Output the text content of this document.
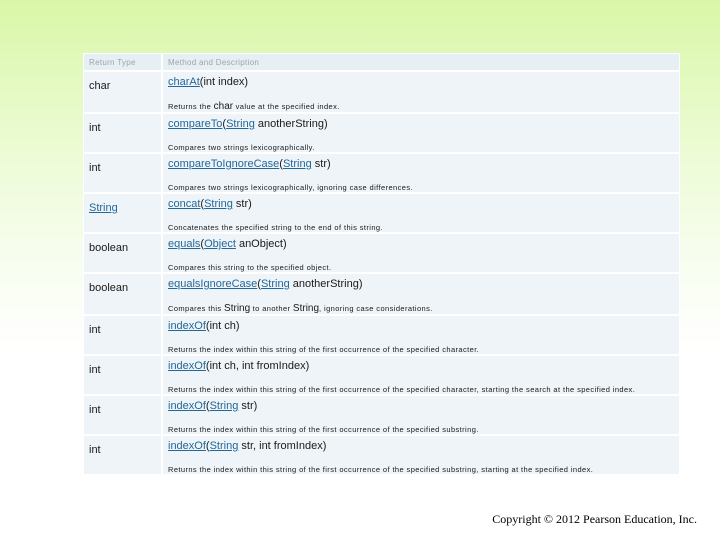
Return Type	Method and Description
char	charAt(int index)
Returns the char value at the specified index.

int	compareTo(String anotherString)
Compares two strings lexicographically.

int	compareToIgnoreCase(String str)
Compares two strings lexicographically, ignoring case differences.

String	concat(String str)
Concatenates the specified string to the end of this string.

boolean	equals(Object anObject)
Compares this string to the specified object.

boolean	equalsIgnoreCase(String anotherString)
Compares this String to another String, ignoring case considerations.

int	indexOf(int ch)
Returns the index within this string of the first occurrence of the specified character.

int	indexOf(int ch, int fromIndex)
Returns the index within this string of the first occurrence of the specified character, starting the search at the specified index.

int	indexOf(String str)
Returns the index within this string of the first occurrence of the specified substring.

int	indexOf(String str, int fromIndex)
Returns the index within this string of the first occurrence of the specified substring, starting at the specified index.
Copyright © 2012 Pearson Education, Inc.
